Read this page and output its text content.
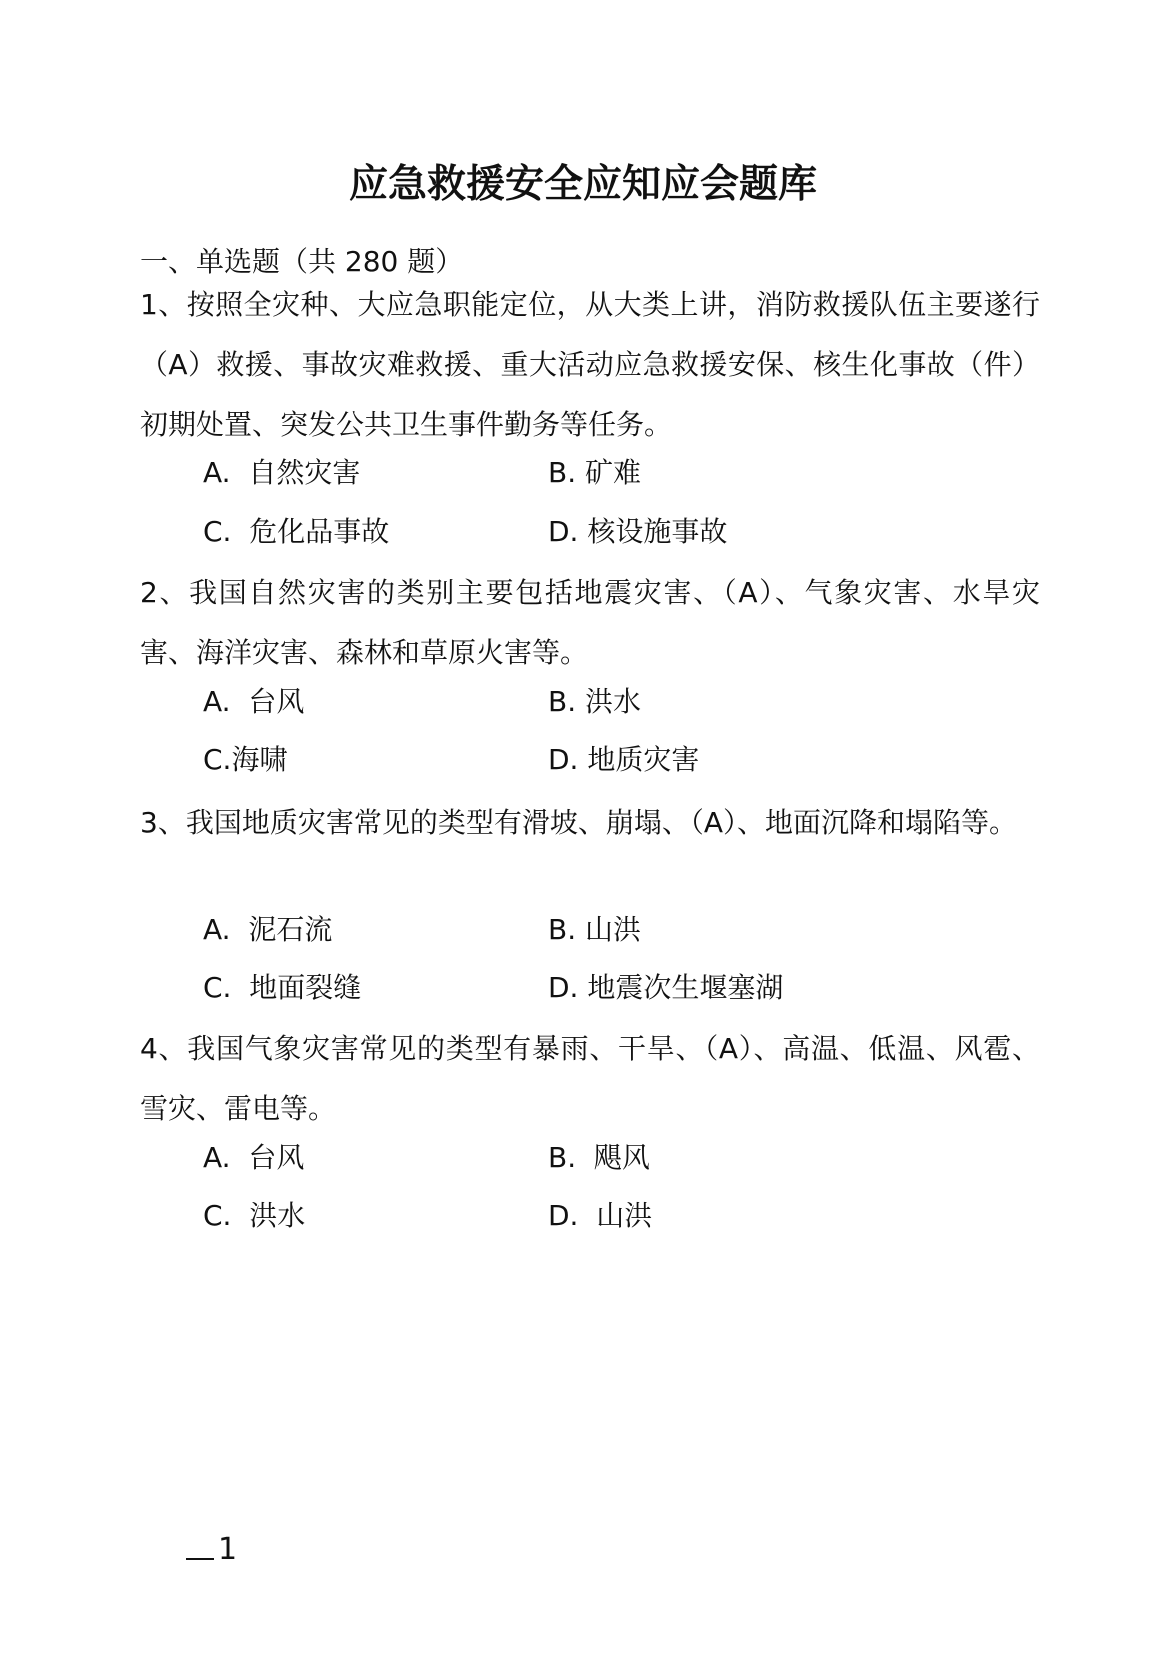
应急救援安全应知应会题库
一、单选题（共 280 题）
1、按照全灾种、大应急职能定位，从大类上讲，消防救援队伍主要遂行（A）救援、事故灾难救援、重大活动应急救援安保、核生化事故（件）初期处置、突发公共卫生事件勤务等任务。
A.  自然灾害	B. 矿难
C.  危化品事故	D. 核设施事故
2、我国自然灾害的类别主要包括地震灾害、（A）、气象灾害、水旱灾害、海洋灾害、森林和草原火害等。
A.  台风	B. 洪水
C.海啸	D. 地质灾害
3、我国地质灾害常见的类型有滑坡、崩塌、（A）、地面沉降和塌陷等。
A.  泥石流	B. 山洪
C.  地面裂缝	D. 地震次生堰塞湖
4、我国气象灾害常见的类型有暴雨、干旱、（A）、高温、低温、风雹、雪灾、雷电等。
A.  台风	B.  飓风
C.  洪水	D.  山洪
1
